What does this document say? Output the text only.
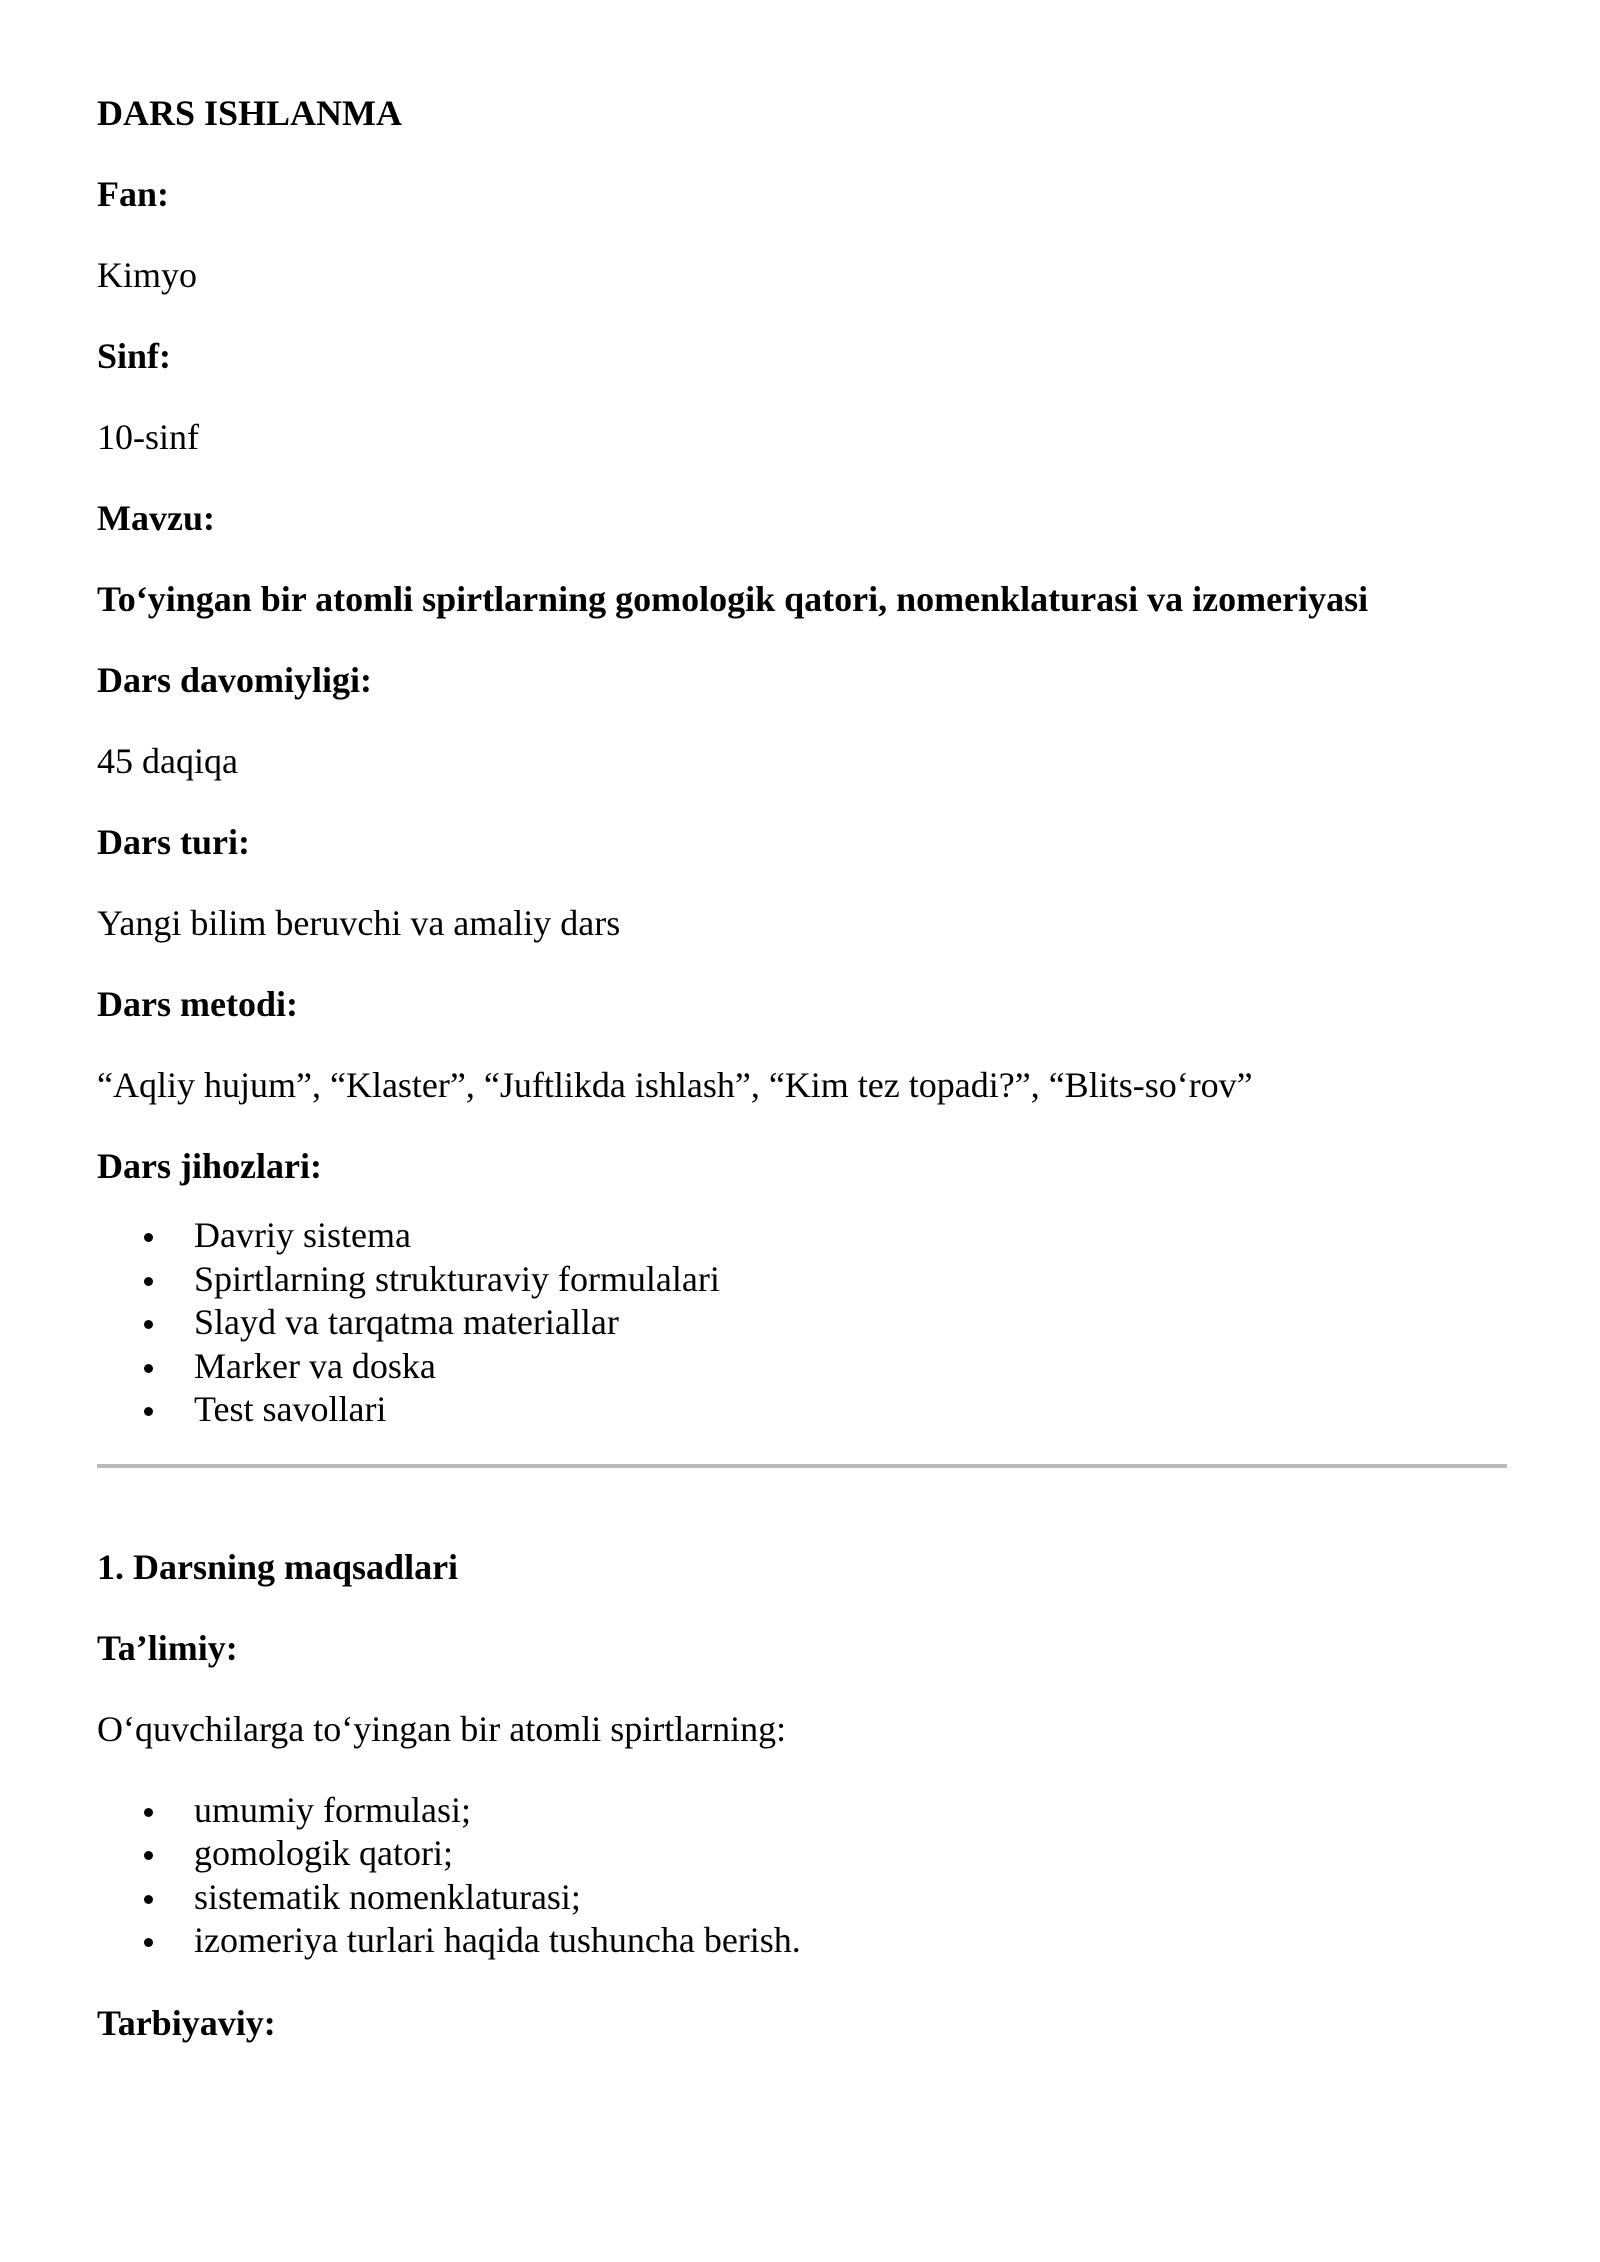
DARS ISHLANMA

Fan:

Kimyo

Sinf:

10-sinf

Mavzu:

To‘yingan bir atomli spirtlarning gomologik qatori, nomenklaturasi va izomeriyasi

Dars davomiyligi:

45 daqiqa

Dars turi:

Yangi bilim beruvchi va amaliy dars

Dars metodi:

“Aqliy hujum”, “Klaster”, “Juftlikda ishlash”, “Kim tez topadi?”, “Blits-so‘rov”

Dars jihozlari:

Davriy sistema
Spirtlarning strukturaviy formulalari
Slayd va tarqatma materiallar
Marker va doska
Test savollari

1. Darsning maqsadlari

Ta’limiy:

O‘quvchilarga to‘yingan bir atomli spirtlarning:

umumiy formulasi;
gomologik qatori;
sistematik nomenklaturasi;
izomeriya turlari haqida tushuncha berish.

Tarbiyaviy:
